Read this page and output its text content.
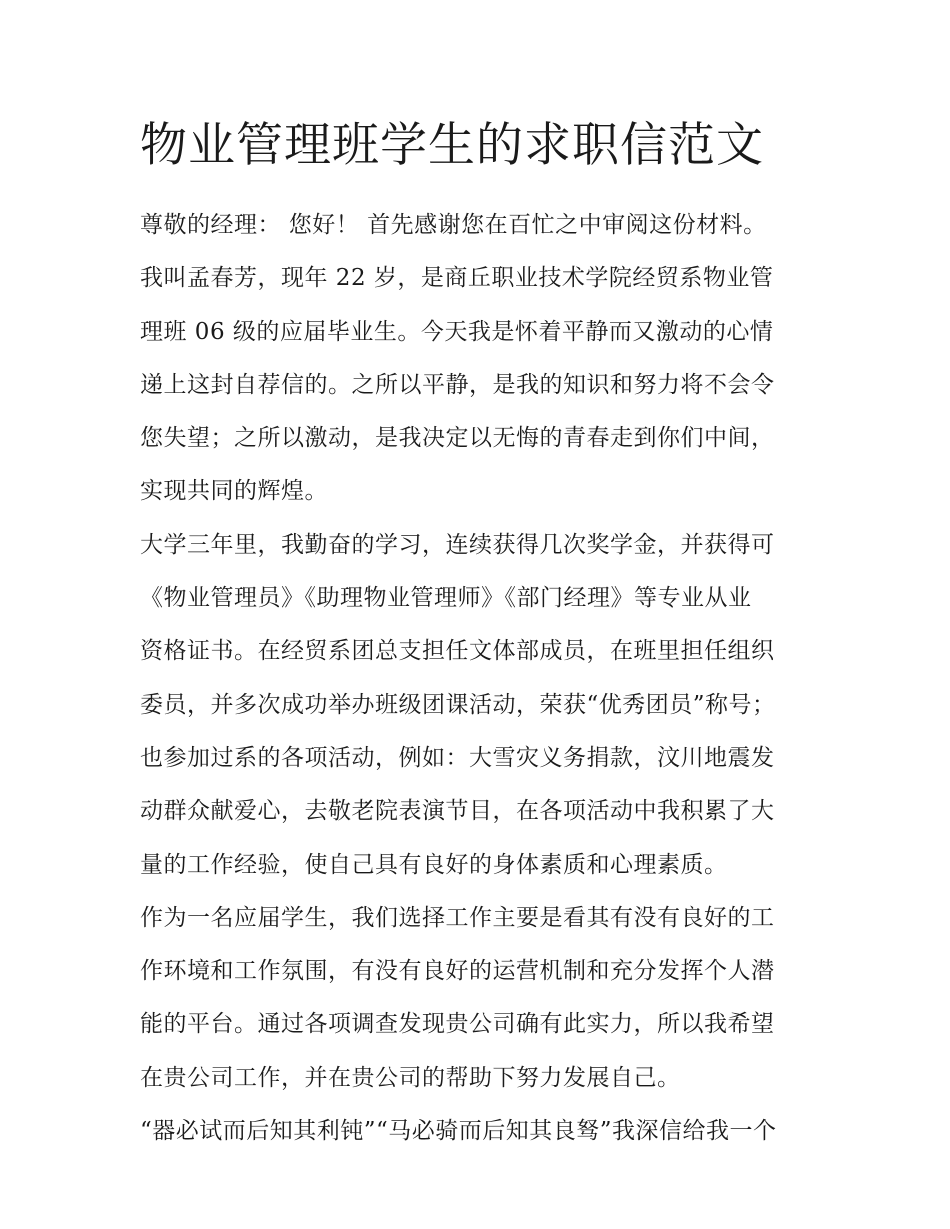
物业管理班学生的求职信范文
尊敬的经理： 您好！ 首先感谢您在百忙之中审阅这份材料。
我叫孟春芳，现年 22 岁，是商丘职业技术学院经贸系物业管
理班 06 级的应届毕业生。今天我是怀着平静而又激动的心情
递上这封自荐信的。之所以平静，是我的知识和努力将不会令
您失望；之所以激动，是我决定以无悔的青春走到你们中间，
实现共同的辉煌。
大学三年里，我勤奋的学习，连续获得几次奖学金，并获得可
《物业管理员》《助理物业管理师》《部门经理》等专业从业
资格证书。在经贸系团总支担任文体部成员，在班里担任组织
委员，并多次成功举办班级团课活动，荣获“优秀团员”称号；
也参加过系的各项活动，例如：大雪灾义务捐款，汶川地震发
动群众献爱心，去敬老院表演节目，在各项活动中我积累了大
量的工作经验，使自己具有良好的身体素质和心理素质。
作为一名应届学生，我们选择工作主要是看其有没有良好的工
作环境和工作氛围，有没有良好的运营机制和充分发挥个人潜
能的平台。通过各项调查发现贵公司确有此实力，所以我希望
在贵公司工作，并在贵公司的帮助下努力发展自己。
“器必试而后知其利钝”“马必骑而后知其良驽”我深信给我一个
